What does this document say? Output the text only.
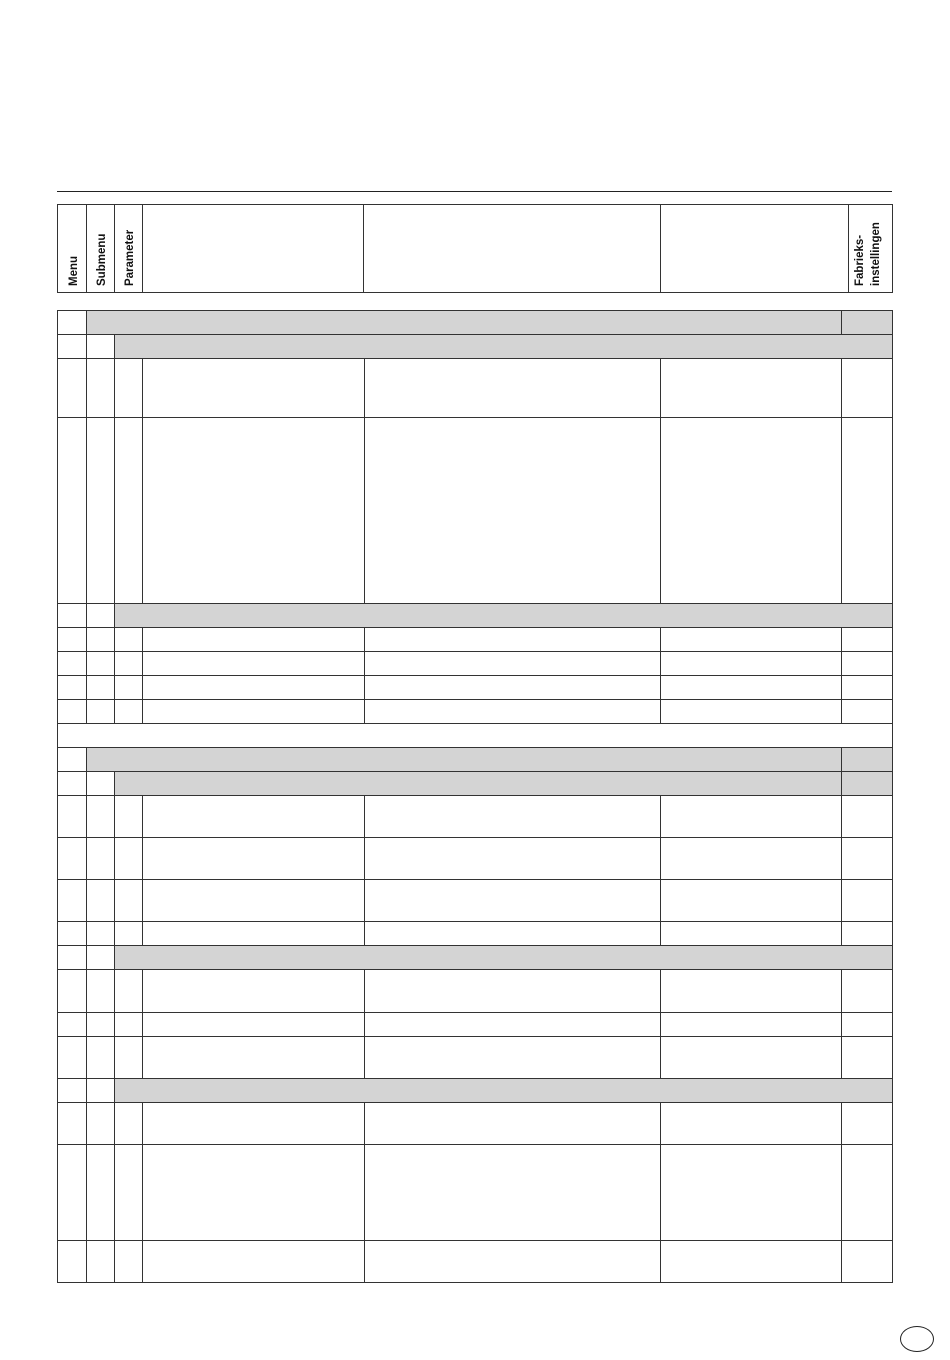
Menu Submenu Parameter	Fabrieks- instellingen
